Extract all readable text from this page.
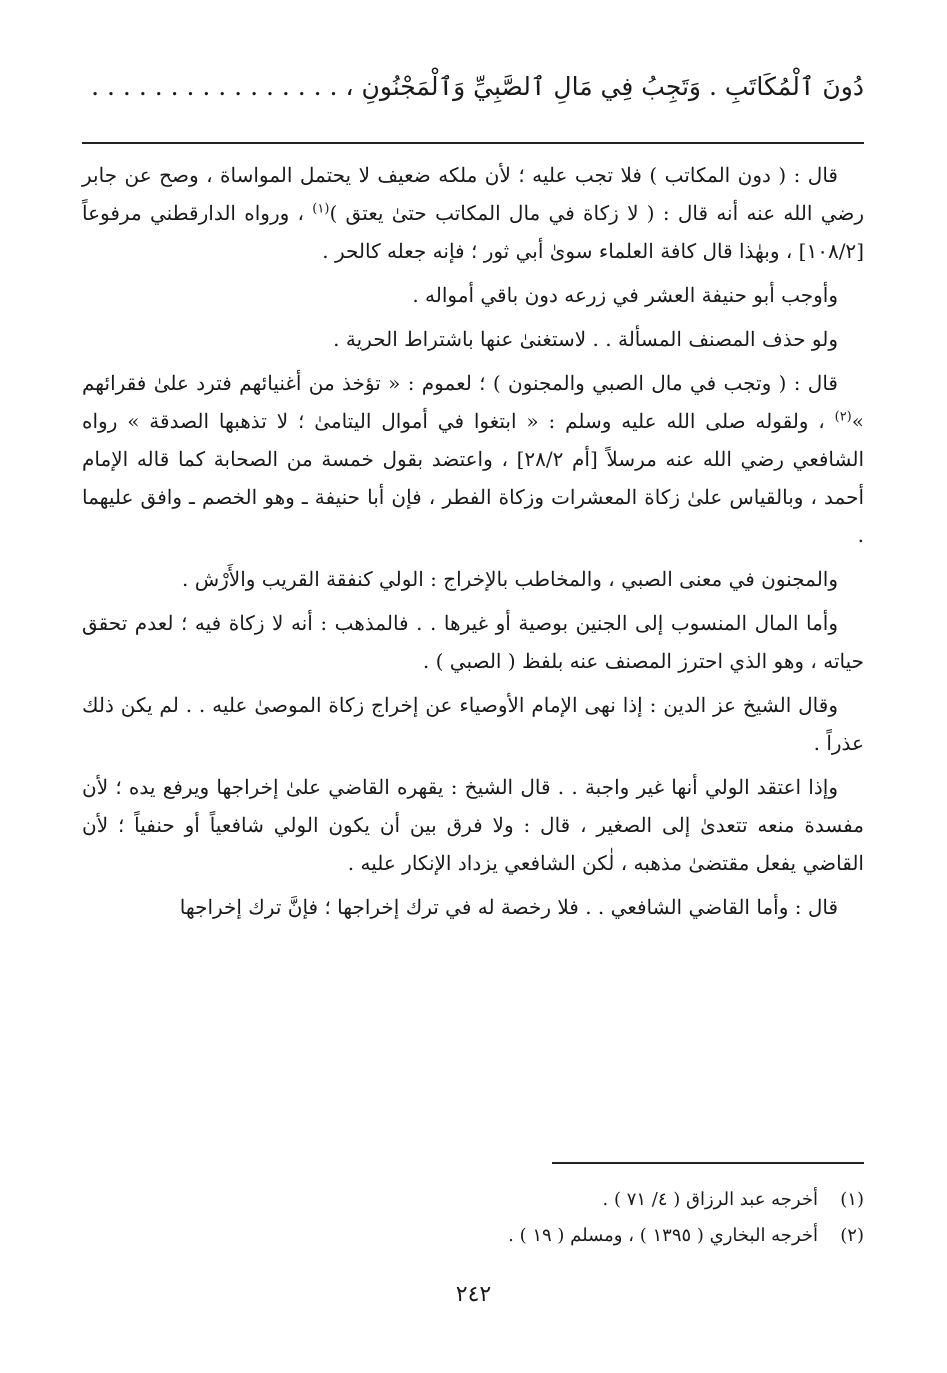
دُونَ ٱلْمُكَاتَبِ . وَتَجِبُ فِي مَالِ ٱلصَّبِيِّ وَٱلْمَجْنُونِ ، . . . . . . . . . . . . . . . .

قال : ( دون المكاتب ) فلا تجب عليه ؛ لأن ملكه ضعيف لا يحتمل المواساة ، وصح عن جابر رضي الله عنه أنه قال : ( لا زكاة في مال المكاتب حتىٰ يعتق )$^{(١)}$ ، ورواه الدارقطني مرفوعاً [١٠٨/٢] ، وبهٰذا قال كافة العلماء سوىٰ أبي ثور ؛ فإنه جعله كالحر .

وأوجب أبو حنيفة العشر في زرعه دون باقي أمواله .

ولو حذف المصنف المسألة . . لاستغنىٰ عنها باشتراط الحرية .

قال : ( وتجب في مال الصبي والمجنون ) ؛ لعموم : « تؤخذ من أغنيائهم فترد علىٰ فقرائهم »$^{(٢)}$ ، ولقوله صلى الله عليه وسلم : « ابتغوا في أموال اليتامىٰ ؛ لا تذهبها الصدقة » رواه الشافعي رضي الله عنه مرسلاً [أم ٢٨/٢] ، واعتضد بقول خمسة من الصحابة كما قاله الإمام أحمد ، وبالقياس علىٰ زكاة المعشرات وزكاة الفطر ، فإن أبا حنيفة ـ وهو الخصم ـ وافق عليهما .

والمجنون في معنى الصبي ، والمخاطب بالإخراج : الولي كنفقة القريب والأَرْش .

وأما المال المنسوب إلى الجنين بوصية أو غيرها . . فالمذهب : أنه لا زكاة فيه ؛ لعدم تحقق حياته ، وهو الذي احترز المصنف عنه بلفظ ( الصبي ) .

وقال الشيخ عز الدين : إذا نهى الإمام الأوصياء عن إخراج زكاة الموصىٰ عليه . . لم يكن ذلك عذراً .

وإذا اعتقد الولي أنها غير واجبة . . قال الشيخ : يقهره القاضي علىٰ إخراجها ويرفع يده ؛ لأن مفسدة منعه تتعدىٰ إلى الصغير ، قال : ولا فرق بين أن يكون الولي شافعياً أو حنفياً ؛ لأن القاضي يفعل مقتضىٰ مذهبه ، لٰكن الشافعي يزداد الإنكار عليه .

قال : وأما القاضي الشافعي . . فلا رخصة له في ترك إخراجها ؛ فإنَّ ترك إخراجها

(١)أخرجه عبد الرزاق ( ٤/ ٧١ ) .
(٢)أخرجه البخاري ( ١٣٩٥ ) ، ومسلم ( ١٩ ) .
٢٤٢
